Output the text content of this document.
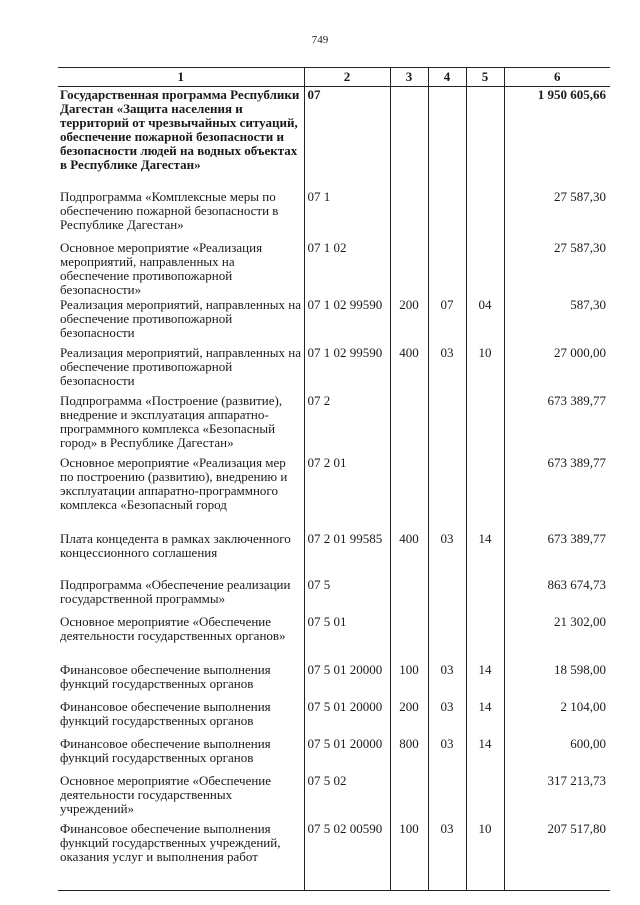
749
1	2	3	4	5	6
Государственная программа Республики Дагестан «Защита населения и территорий от чрезвычайных ситуаций, обеспечение пожарной безопасности и безопасности людей на водных объектах в Республике Дагестан»	07				1 950 605,66
Подпрограмма «Комплексные меры по обеспечению пожарной безопасности в Республике Дагестан»	07 1				27 587,30
Основное мероприятие «Реализация мероприятий, направленных на обеспечение противопожарной безопасности»	07 1 02				27 587,30
Реализация мероприятий, направленных на обеспечение противопожарной безопасности	07 1 02 99590	200	07	04	587,30
Реализация мероприятий, направленных на обеспечение противопожарной безопасности	07 1 02 99590	400	03	10	27 000,00
Подпрограмма «Построение (развитие), внедрение и эксплуатация аппаратно-программного комплекса «Безопасный город» в Республике Дагестан»	07 2				673 389,77
Основное мероприятие «Реализация мер по построению (развитию), внедрению и эксплуатации аппаратно-программного комплекса «Безопасный город	07 2 01				673 389,77
Плата концедента в рамках заключенного концессионного соглашения	07 2 01 99585	400	03	14	673 389,77
Подпрограмма «Обеспечение реализации государственной программы»	07 5				863 674,73
Основное мероприятие «Обеспечение деятельности государственных органов»	07 5 01				21 302,00
Финансовое обеспечение выполнения функций государственных органов	07 5 01 20000	100	03	14	18 598,00
Финансовое обеспечение выполнения функций государственных органов	07 5 01 20000	200	03	14	2 104,00
Финансовое обеспечение выполнения функций государственных органов	07 5 01 20000	800	03	14	600,00
Основное мероприятие «Обеспечение деятельности государственных учреждений»	07 5 02				317 213,73
Финансовое обеспечение выполнения функций государственных учреждений, оказания услуг и выполнения работ	07 5 02 00590	100	03	10	207 517,80
